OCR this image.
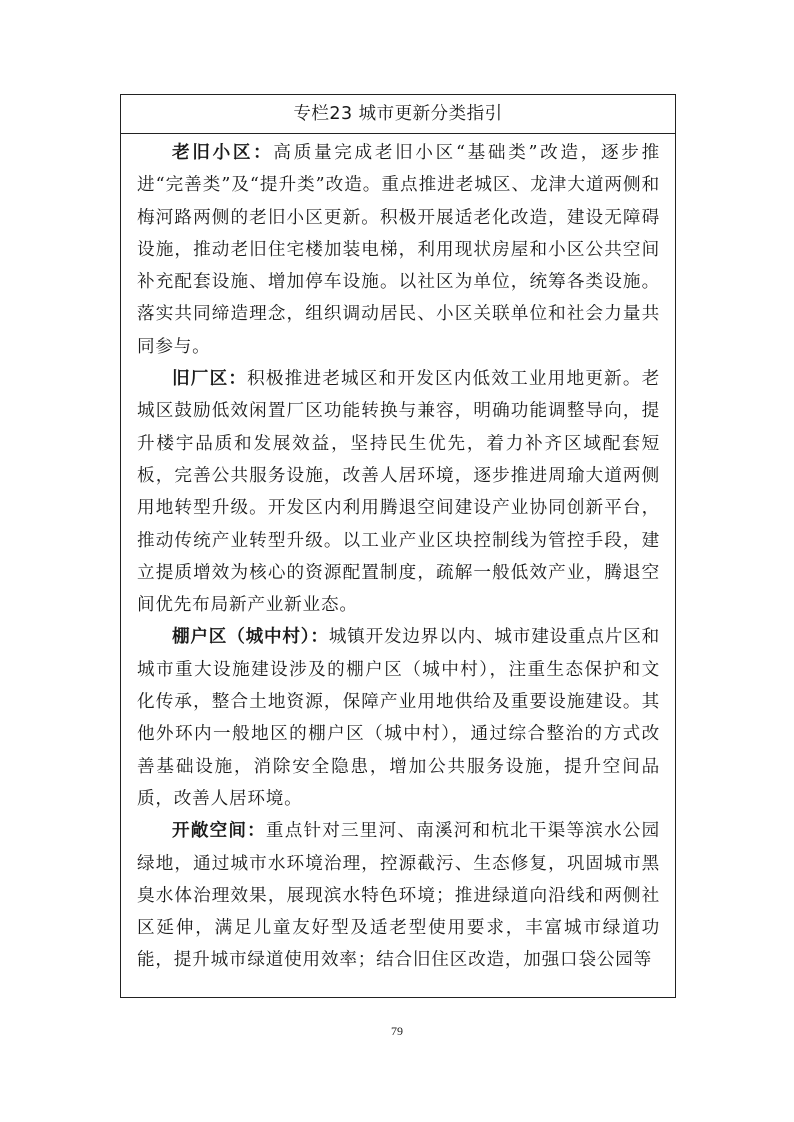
专栏23 城市更新分类指引

老旧小区：高质量完成老旧小区“基础类”改造，逐步推进“完善类”及“提升类”改造。重点推进老城区、龙津大道两侧和梅河路两侧的老旧小区更新。积极开展适老化改造，建设无障碍设施，推动老旧住宅楼加装电梯，利用现状房屋和小区公共空间补充配套设施、增加停车设施。以社区为单位，统筹各类设施。落实共同缔造理念，组织调动居民、小区关联单位和社会力量共同参与。

旧厂区：积极推进老城区和开发区内低效工业用地更新。老城区鼓励低效闲置厂区功能转换与兼容，明确功能调整导向，提升楼宇品质和发展效益，坚持民生优先，着力补齐区域配套短板，完善公共服务设施，改善人居环境，逐步推进周瑜大道两侧用地转型升级。开发区内利用腾退空间建设产业协同创新平台，推动传统产业转型升级。以工业产业区块控制线为管控手段，建立提质增效为核心的资源配置制度，疏解一般低效产业，腾退空间优先布局新产业新业态。

棚户区（城中村）：城镇开发边界以内、城市建设重点片区和城市重大设施建设涉及的棚户区（城中村），注重生态保护和文化传承，整合土地资源，保障产业用地供给及重要设施建设。其他外环内一般地区的棚户区（城中村），通过综合整治的方式改善基础设施，消除安全隐患，增加公共服务设施，提升空间品质，改善人居环境。

开敞空间：重点针对三里河、南溪河和杭北干渠等滨水公园绿地，通过城市水环境治理，控源截污、生态修复，巩固城市黑臭水体治理效果，展现滨水特色环境；推进绿道向沿线和两侧社区延伸，满足儿童友好型及适老型使用要求，丰富城市绿道功能，提升城市绿道使用效率；结合旧住区改造，加强口袋公园等

79
